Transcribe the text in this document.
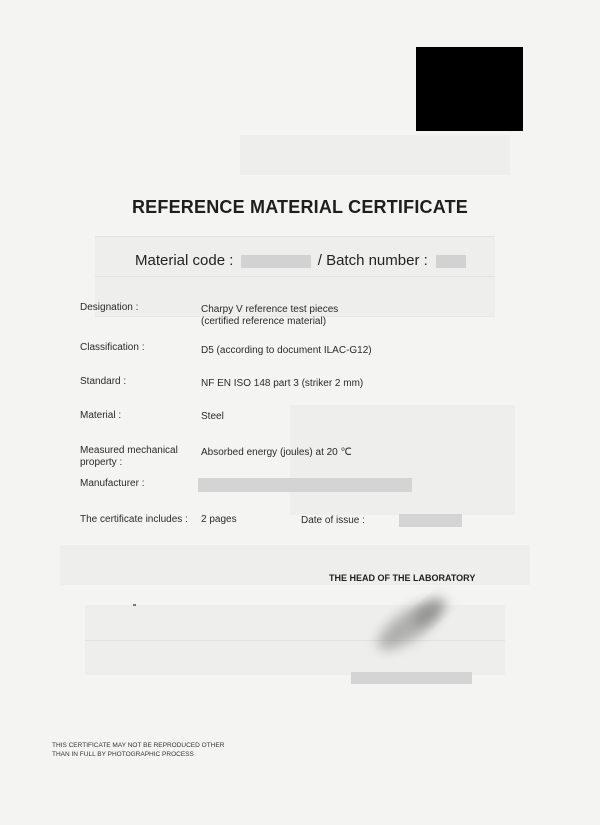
REFERENCE MATERIAL CERTIFICATE
Material code :	/ Batch number :
Designation :	Charpy V reference test pieces
(certified reference material)
Classification :	D5 (according to document ILAC-G12)
Standard :	NF EN ISO 148 part 3 (striker 2 mm)
Material :	Steel
Measured mechanical
property :
Absorbed energy (joules) at 20 ℃
Manufacturer :
The certificate includes : 2 pages	Date of issue :
THE HEAD OF THE LABORATORY
THIS CERTIFICATE MAY NOT BE REPRODUCED OTHER
THAN IN FULL BY PHOTOGRAPHIC PROCESS
